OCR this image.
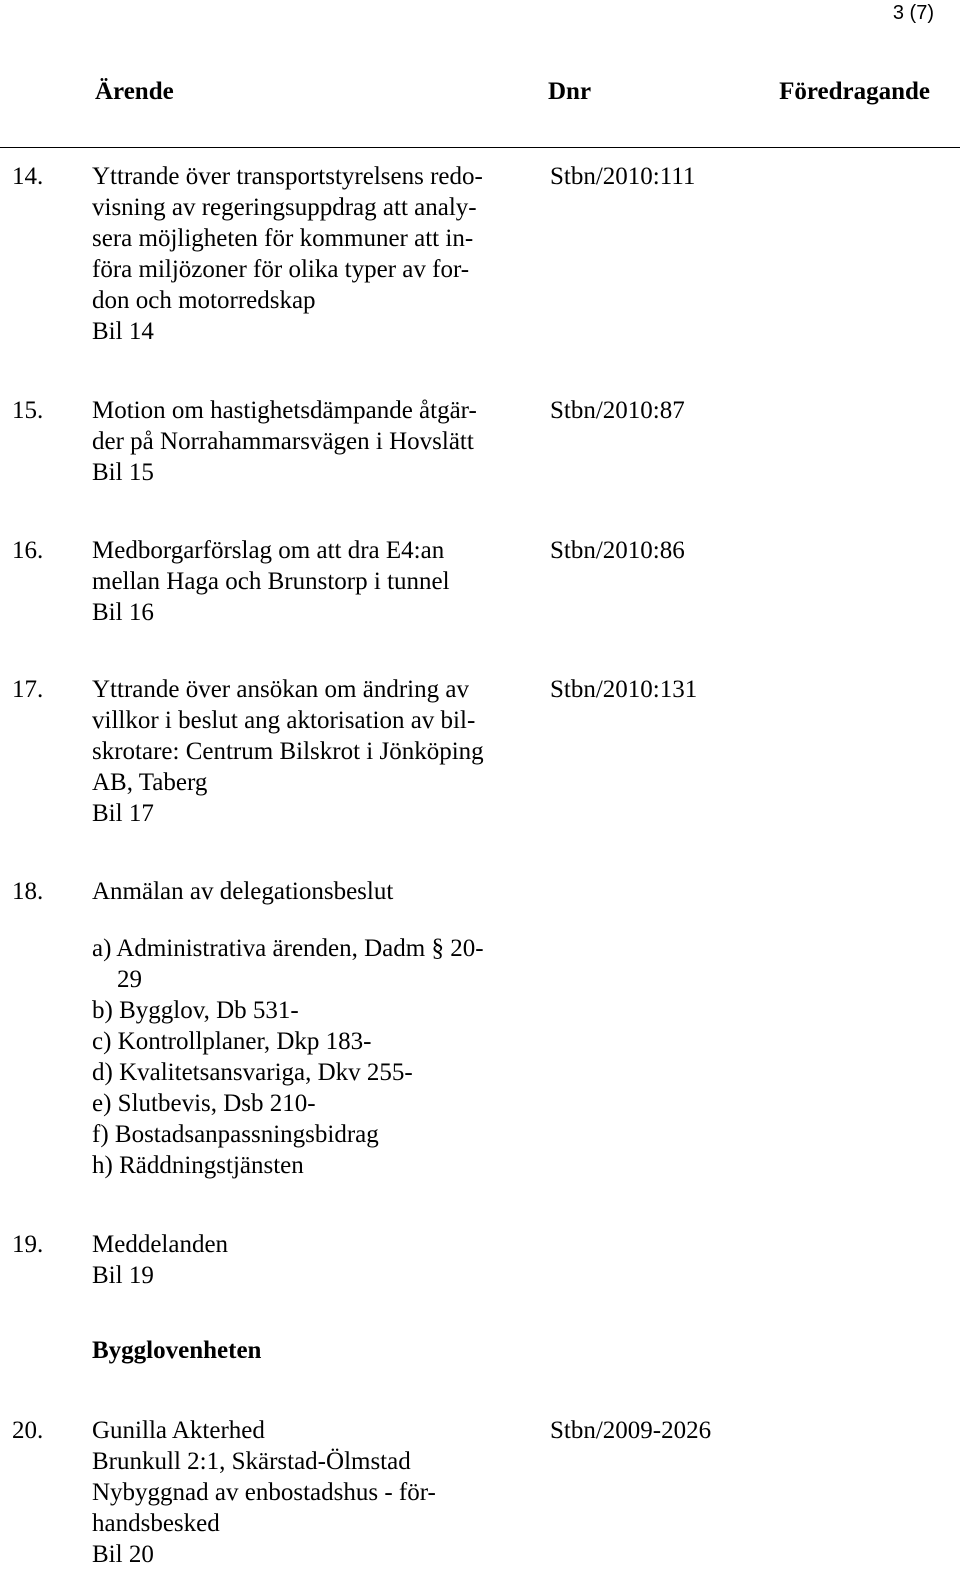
3 (7)
Ärende	Dnr	Föredragande
14. Yttrande över transportstyrelsens redo-
visning av regeringsuppdrag att analy-
sera möjligheten för kommuner att in-
föra miljözoner för olika typer av for-
don och motorredskap
Bil 14
Stbn/2010:111
15. Motion om hastighetsdämpande åtgär-
der på Norrahammarsvägen i Hovslätt
Bil 15
Stbn/2010:87
16. Medborgarförslag om att dra E4:an
mellan Haga och Brunstorp i tunnel
Bil 16
Stbn/2010:86
17. Yttrande över ansökan om ändring av
villkor i beslut ang aktorisation av bil-
skrotare: Centrum Bilskrot i Jönköping
AB, Taberg
Bil 17
Stbn/2010:131
18. Anmälan av delegationsbeslut
a) Administrativa ärenden, Dadm § 20-
29
b) Bygglov, Db 531-
c) Kontrollplaner, Dkp 183-
d) Kvalitetsansvariga, Dkv 255-
e) Slutbevis, Dsb 210-
f) Bostadsanpassningsbidrag
h) Räddningstjänsten
19. Meddelanden
Bil 19
Bygglovenheten
20. Gunilla Akterhed
Brunkull 2:1, Skärstad-Ölmstad
Nybyggnad av enbostadshus - för-
handsbesked
Bil 20
Stbn/2009-2026
